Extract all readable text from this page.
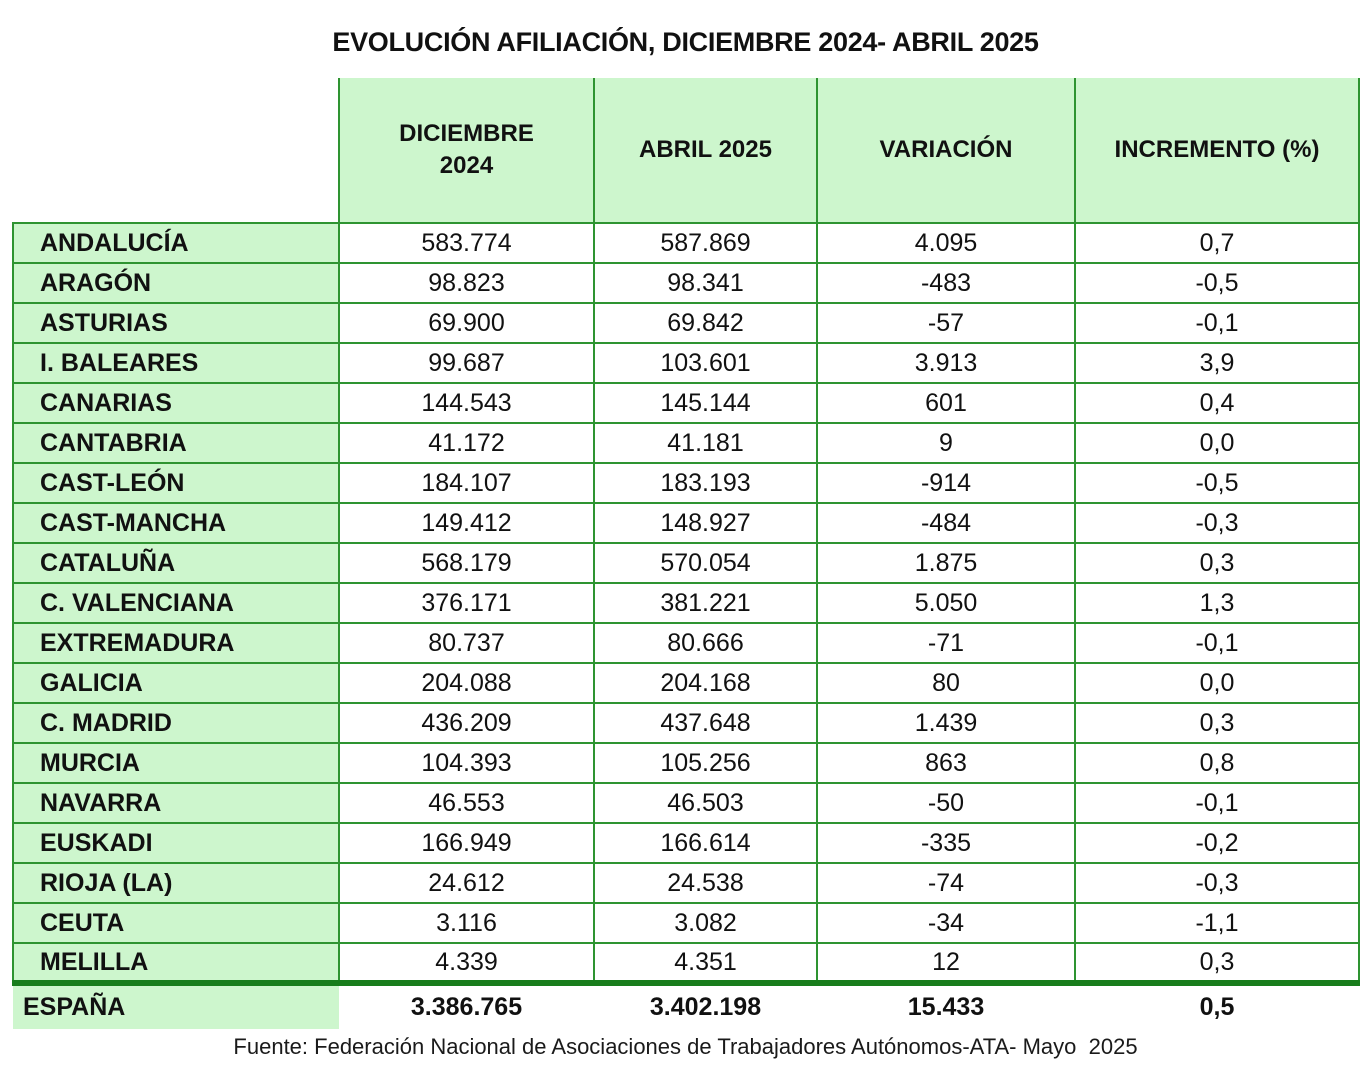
EVOLUCIÓN AFILIACIÓN, DICIEMBRE 2024- ABRIL 2025
	DICIEMBRE 2024	ABRIL 2025	VARIACIÓN	INCREMENTO (%)
ANDALUCÍA	583.774	587.869	4.095	0,7
ARAGÓN	98.823	98.341	-483	-0,5
ASTURIAS	69.900	69.842	-57	-0,1
I. BALEARES	99.687	103.601	3.913	3,9
CANARIAS	144.543	145.144	601	0,4
CANTABRIA	41.172	41.181	9	0,0
CAST-LEÓN	184.107	183.193	-914	-0,5
CAST-MANCHA	149.412	148.927	-484	-0,3
CATALUÑA	568.179	570.054	1.875	0,3
C. VALENCIANA	376.171	381.221	5.050	1,3
EXTREMADURA	80.737	80.666	-71	-0,1
GALICIA	204.088	204.168	80	0,0
C. MADRID	436.209	437.648	1.439	0,3
MURCIA	104.393	105.256	863	0,8
NAVARRA	46.553	46.503	-50	-0,1
EUSKADI	166.949	166.614	-335	-0,2
RIOJA (LA)	24.612	24.538	-74	-0,3
CEUTA	3.116	3.082	-34	-1,1
MELILLA	4.339	4.351	12	0,3
ESPAÑA	3.386.765	3.402.198	15.433	0,5
Fuente: Federación Nacional de Asociaciones de Trabajadores Autónomos-ATA- Mayo  2025
